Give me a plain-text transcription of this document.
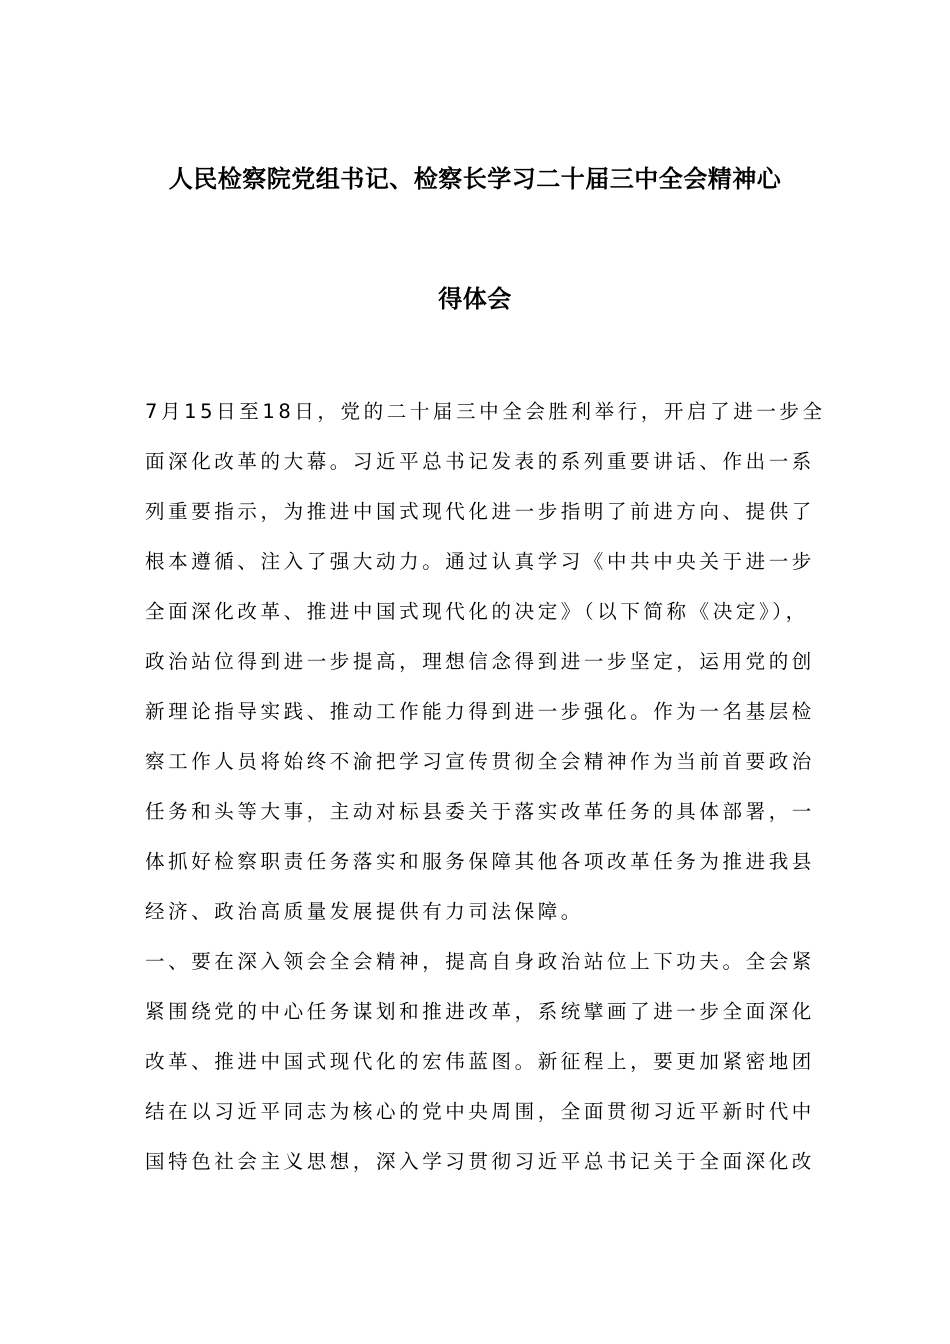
人民检察院党组书记、检察长学习二十届三中全会精神心
得体会

7月15日至18日，党的二十届三中全会胜利举行，开启了进一步全

面深化改革的大幕。习近平总书记发表的系列重要讲话、作出一系

列重要指示，为推进中国式现代化进一步指明了前进方向、提供了

根本遵循、注入了强大动力。通过认真学习《中共中央关于进一步

全面深化改革、推进中国式现代化的决定》（以下简称《决定》），

政治站位得到进一步提高，理想信念得到进一步坚定，运用党的创

新理论指导实践、推动工作能力得到进一步强化。作为一名基层检

察工作人员将始终不渝把学习宣传贯彻全会精神作为当前首要政治

任务和头等大事，主动对标县委关于落实改革任务的具体部署，一

体抓好检察职责任务落实和服务保障其他各项改革任务为推进我县

经济、政治高质量发展提供有力司法保障。

一、要在深入领会全会精神，提高自身政治站位上下功夫。全会紧

紧围绕党的中心任务谋划和推进改革，系统擘画了进一步全面深化

改革、推进中国式现代化的宏伟蓝图。新征程上，要更加紧密地团

结在以习近平同志为核心的党中央周围，全面贯彻习近平新时代中

国特色社会主义思想，深入学习贯彻习近平总书记关于全面深化改
